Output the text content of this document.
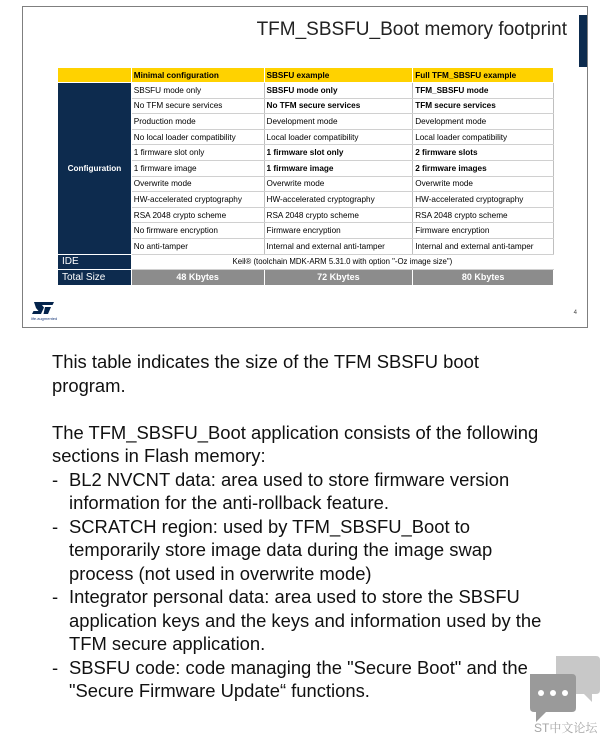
TFM_SBSFU_Boot memory footprint
	Minimal configuration	SBSFU example	Full TFM_SBSFU example
Configuration	SBSFU mode only	SBSFU mode only	TFM_SBSFU mode
	No TFM secure services	No TFM secure services	TFM secure services
	Production mode	Development mode	Development mode
	No local loader compatibility	Local loader compatibility	Local loader compatibility
	1 firmware slot only	1 firmware slot only	2 firmware slots
	1 firmware image	1 firmware image	2 firmware images
	Overwrite mode	Overwrite mode	Overwrite mode
	HW-accelerated cryptography	HW-accelerated cryptography	HW-accelerated cryptography
	RSA 2048 crypto scheme	RSA 2048 crypto scheme	RSA 2048 crypto scheme
	No firmware encryption	Firmware encryption	Firmware encryption
	No anti-tamper	Internal and external anti-tamper	Internal and external anti-tamper
IDE	Keil® (toolchain MDK-ARM 5.31.0 with option "-Oz image size")		
Total Size	48 Kbytes	72 Kbytes	80 Kbytes
life.augmented
4

This table indicates the size of the TFM SBSFU boot program.

The TFM_SBSFU_Boot application consists of the following sections in Flash memory:

- BL2 NVCNT data: area used to store firmware version information for the anti-rollback feature.
- SCRATCH region: used by TFM_SBSFU_Boot to temporarily store image data during the image swap process (not used in overwrite mode)
- Integrator personal data: area used to store the SBSFU application keys and the keys and information used by the TFM secure application.
- SBSFU code: code managing the "Secure Boot" and the "Secure Firmware Update“ functions.
ST中文论坛
